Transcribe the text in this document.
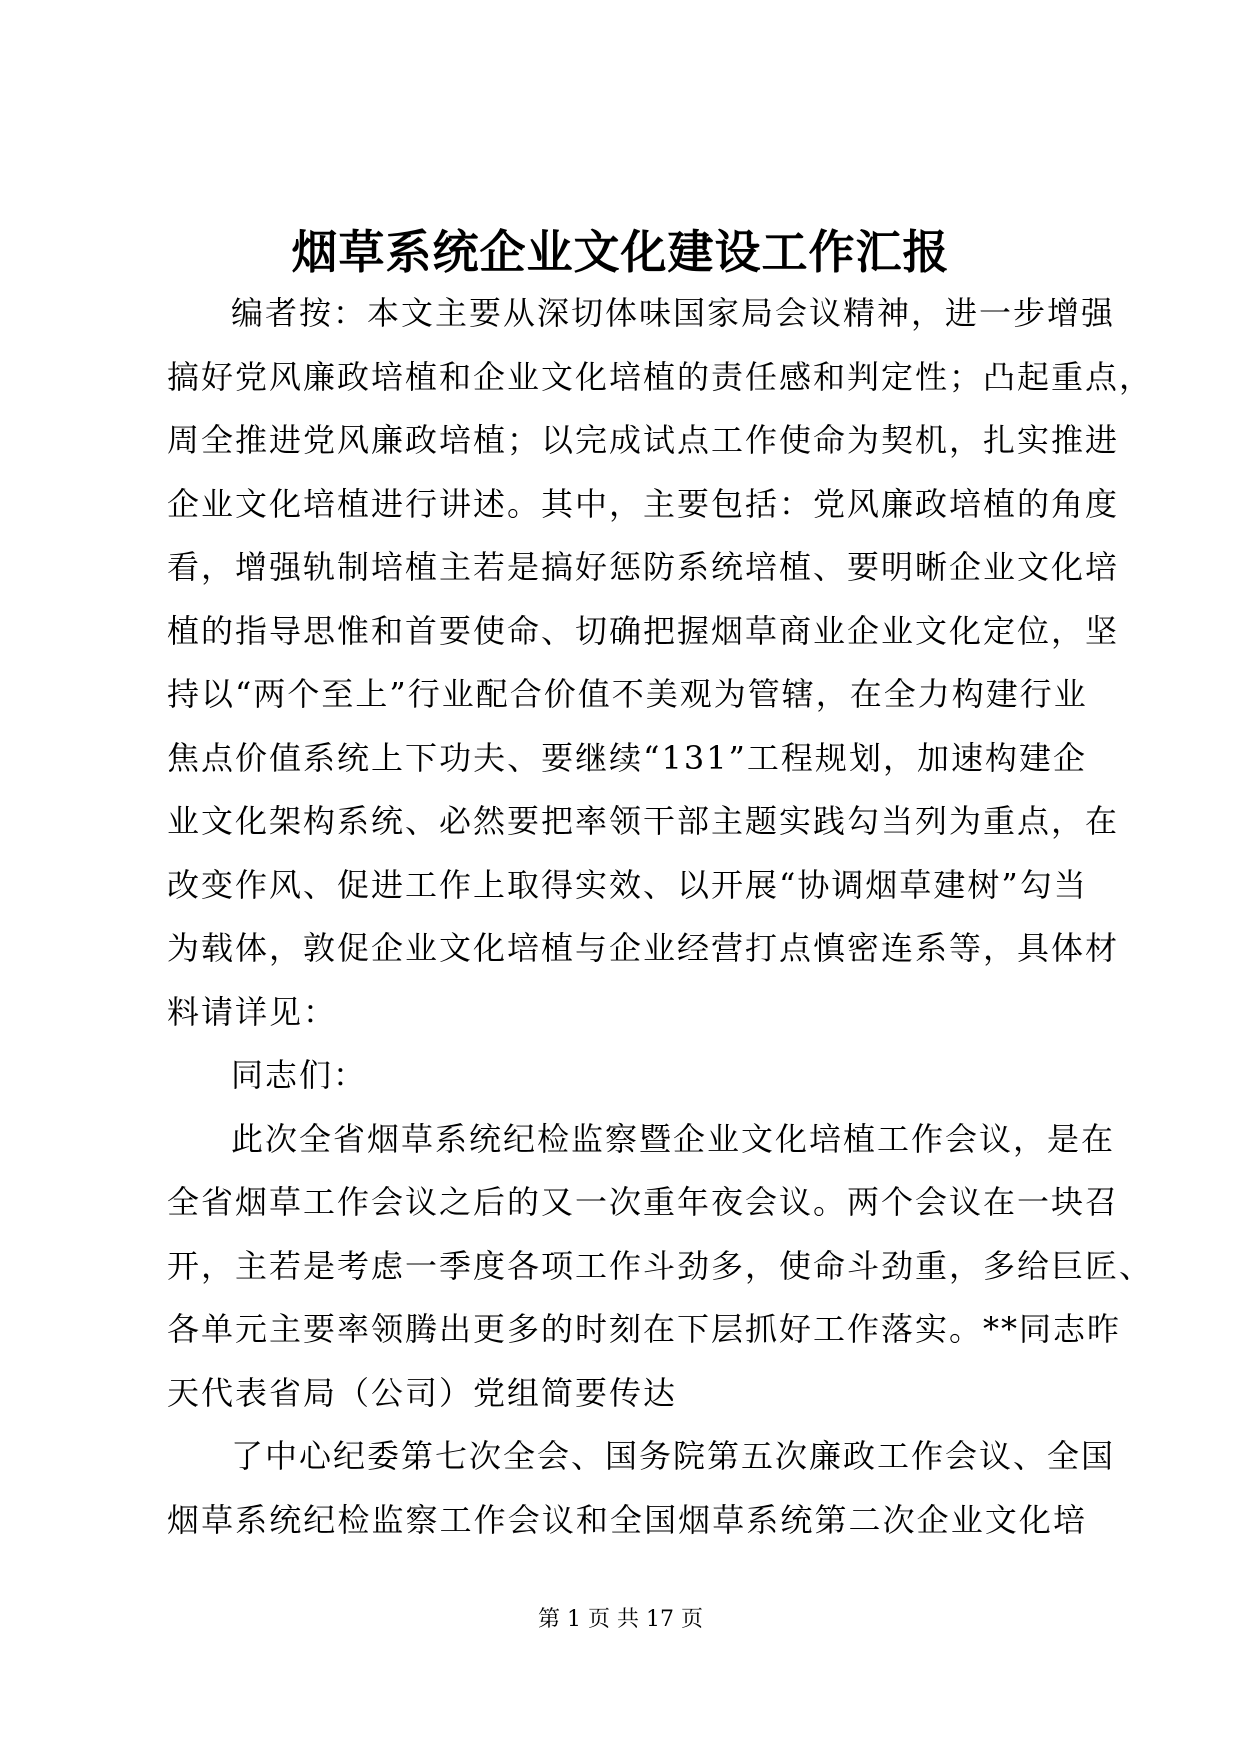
烟草系统企业文化建设工作汇报
编者按：本文主要从深切体味国家局会议精神，进一步增强
搞好党风廉政培植和企业文化培植的责任感和判定性；凸起重点，
周全推进党风廉政培植；以完成试点工作使命为契机，扎实推进
企业文化培植进行讲述。其中，主要包括：党风廉政培植的角度
看，增强轨制培植主若是搞好惩防系统培植、要明晰企业文化培
植的指导思惟和首要使命、切确把握烟草商业企业文化定位，坚
持以“两个至上”行业配合价值不美观为管辖，在全力构建行业
焦点价值系统上下功夫、要继续“131”工程规划，加速构建企
业文化架构系统、必然要把率领干部主题实践勾当列为重点，在
改变作风、促进工作上取得实效、以开展“协调烟草建树”勾当
为载体，敦促企业文化培植与企业经营打点慎密连系等，具体材
料请详见：
同志们：
此次全省烟草系统纪检监察暨企业文化培植工作会议，是在
全省烟草工作会议之后的又一次重年夜会议。两个会议在一块召
开，主若是考虑一季度各项工作斗劲多，使命斗劲重，多给巨匠、
各单元主要率领腾出更多的时刻在下层抓好工作落实。**同志昨
天代表省局（公司）党组简要传达
了中心纪委第七次全会、国务院第五次廉政工作会议、全国
烟草系统纪检监察工作会议和全国烟草系统第二次企业文化培
第 1 页 共 17 页
